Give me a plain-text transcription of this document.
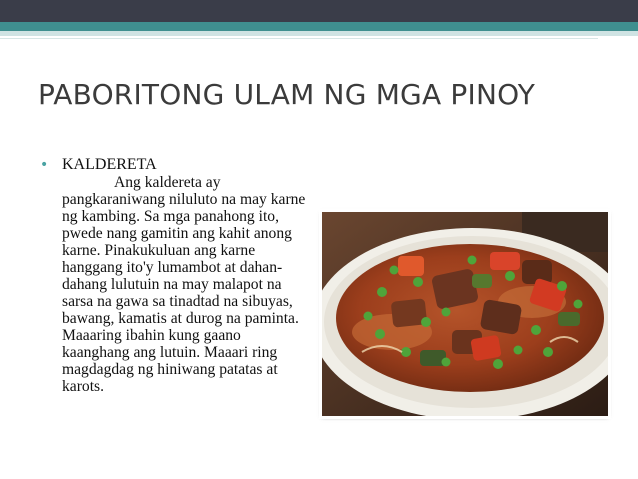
PABORITONG ULAM NG MGA PINOY
• KALDERETA

Ang kaldereta ay pangkaraniwang niluluto na may karne ng kambing. Sa mga panahong ito, pwede nang gamitin ang kahit anong karne. Pinakukuluan ang karne hanggang ito'y lumambot at dahan-dahang lulutuin na may malapot na sarsa na gawa sa tinadtad na sibuyas, bawang, kamatis at durog na paminta. Maaaring ibahin kung gaano kaanghang ang lutuin. Maaari ring magdagdag ng hiniwang patatas at karots.
